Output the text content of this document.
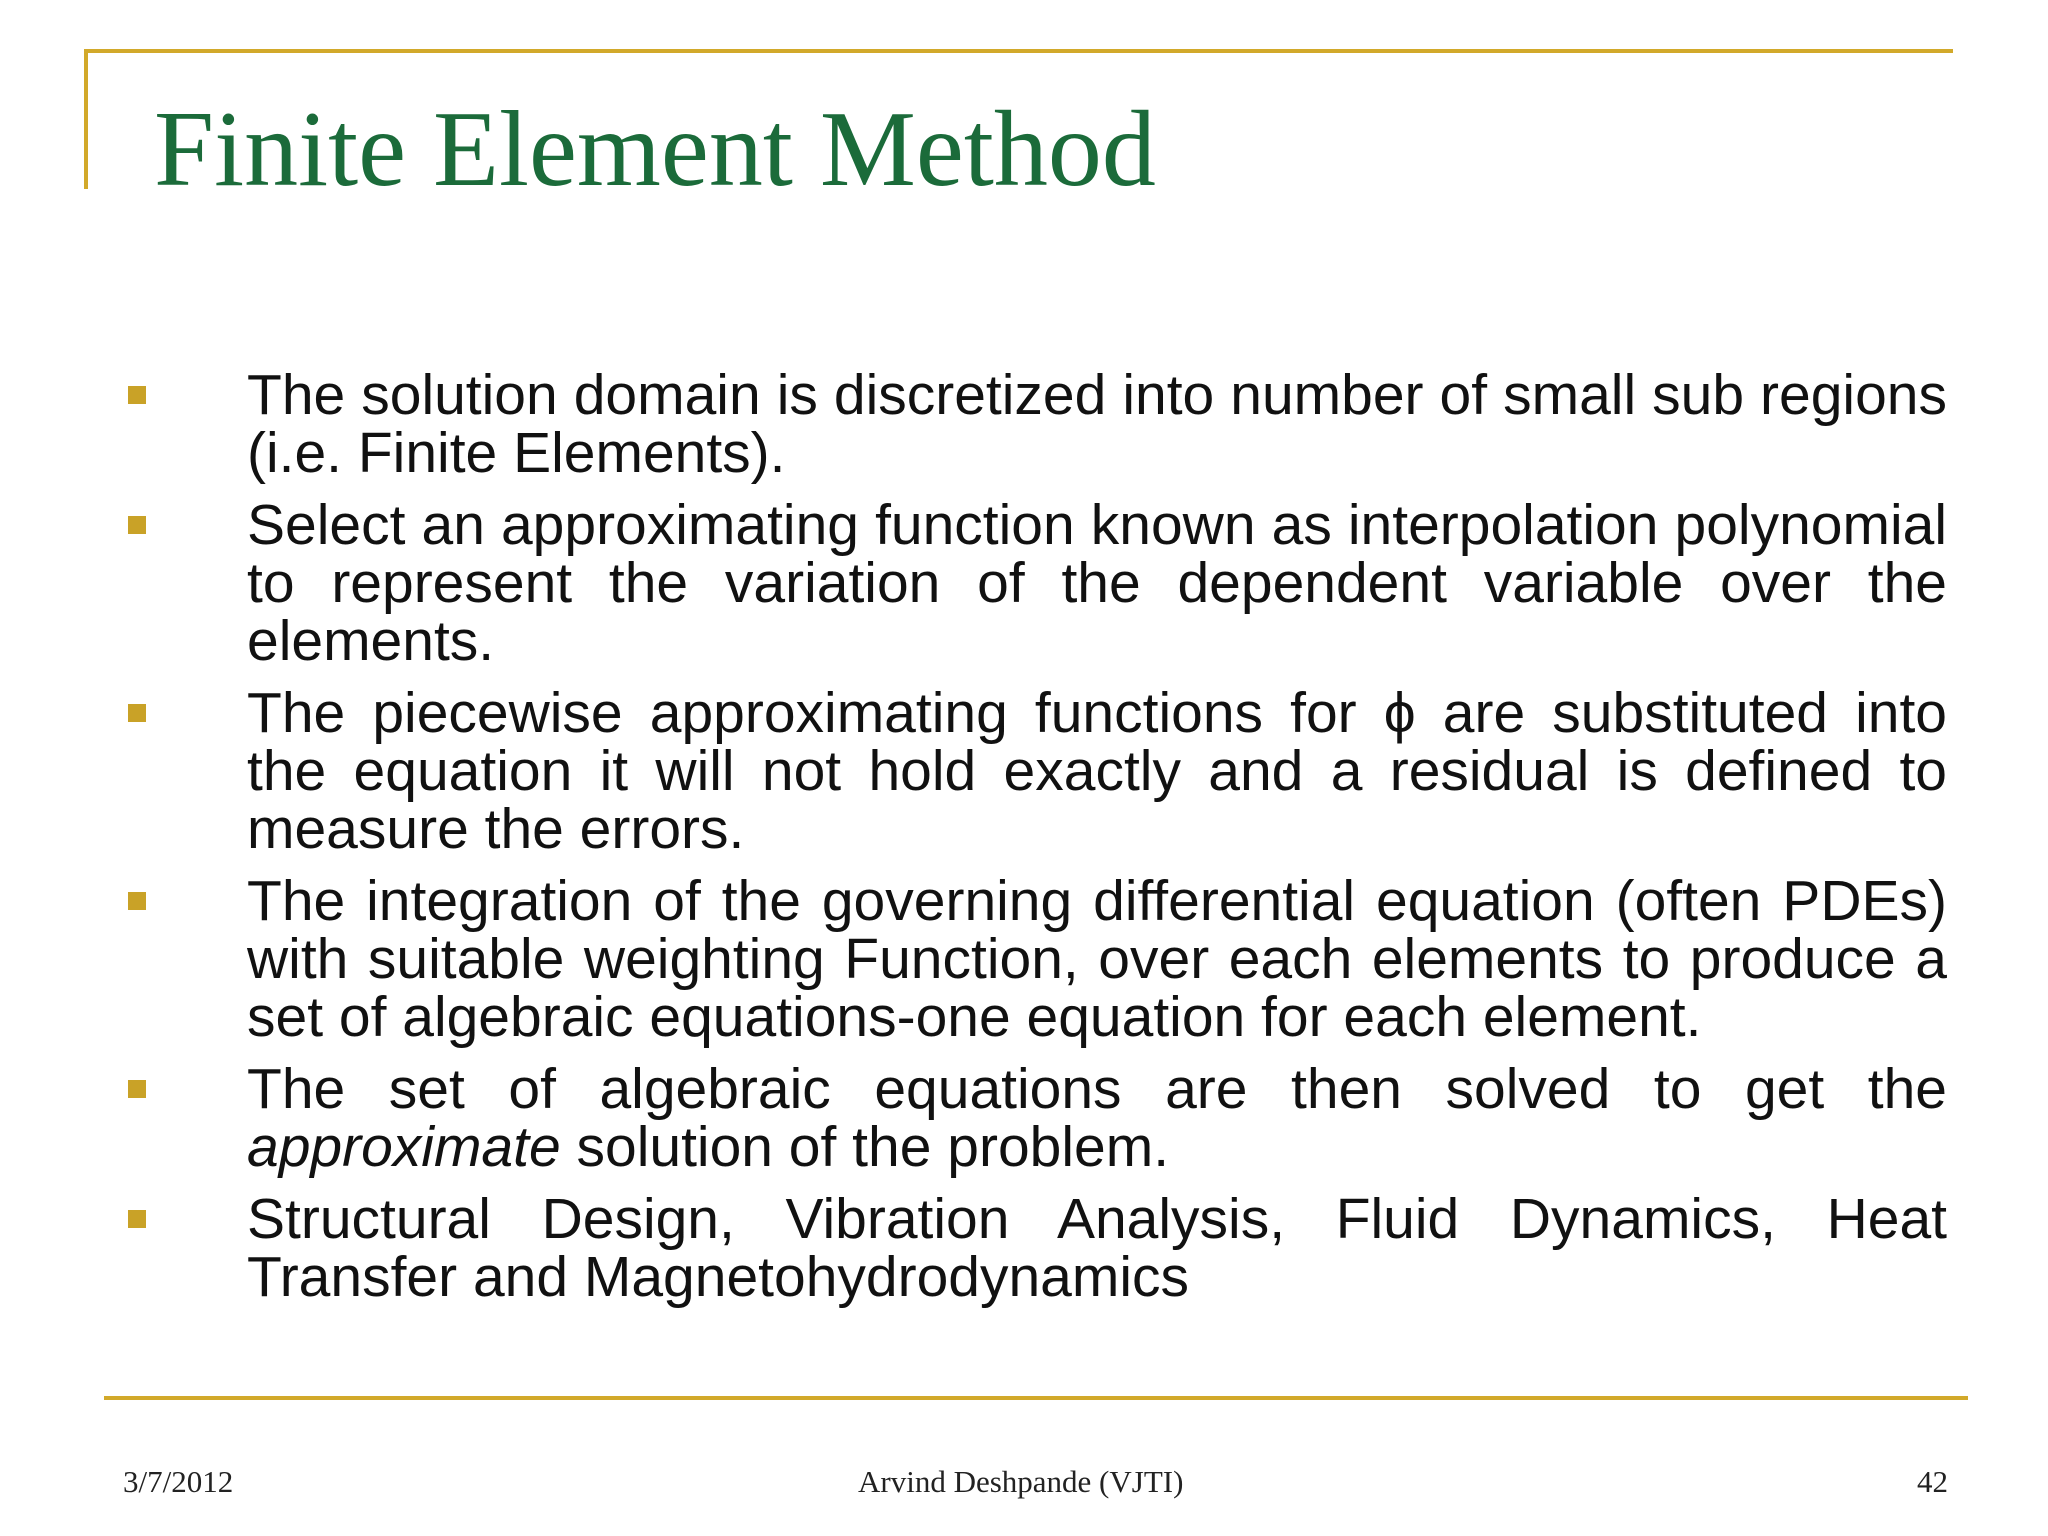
Finite Element Method
The solution domain is discretized into number of small sub regions (i.e. Finite Elements).
Select an approximating function known as interpolation polynomial to represent the variation of the dependent variable over the elements.
The piecewise approximating functions for ϕ are substituted into the equation it will not hold exactly and a residual is defined to measure the errors.
The integration of the governing differential equation (often PDEs) with suitable weighting Function, over each elements to produce a set of algebraic equations-one equation for each element.
The set of algebraic equations are then solved to get the approximate solution of the problem.
Structural Design, Vibration Analysis, Fluid Dynamics, Heat Transfer and Magnetohydrodynamics
3/7/2012	Arvind Deshpande (VJTI)	42
